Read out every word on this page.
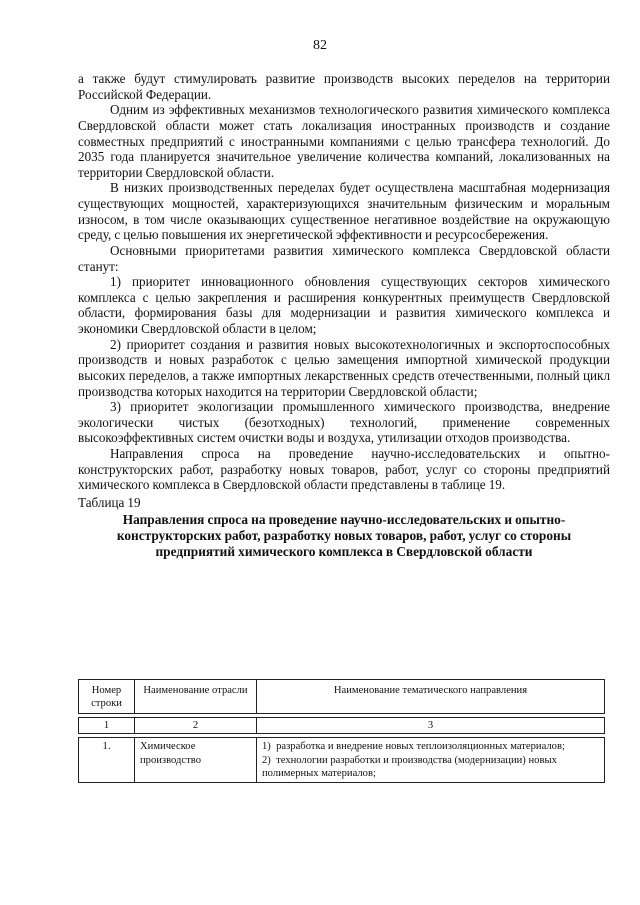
82

а также будут стимулировать развитие производств высоких переделов на территории Российской Федерации.

Одним из эффективных механизмов технологического развития химического комплекса Свердловской области может стать локализация иностранных производств и создание совместных предприятий с иностранными компаниями с целью трансфера технологий. До 2035 года планируется значительное увеличение количества компаний, локализованных на территории Свердловской области.

В низких производственных переделах будет осуществлена масштабная модернизация существующих мощностей, характеризующихся значительным физическим и моральным износом, в том числе оказывающих существенное негативное воздействие на окружающую среду, с целью повышения их энергетической эффективности и ресурсосбережения.

Основными приоритетами развития химического комплекса Свердловской области станут:

1) приоритет инновационного обновления существующих секторов химического комплекса с целью закрепления и расширения конкурентных преимуществ Свердловской области, формирования базы для модернизации и развития химического комплекса и экономики Свердловской области в целом;

2) приоритет создания и развития новых высокотехнологичных и экспортоспособных производств и новых разработок с целью замещения импортной химической продукции высоких переделов, а также импортных лекарственных средств отечественными, полный цикл производства которых находится на территории Свердловской области;

3) приоритет экологизации промышленного химического производства, внедрение экологически чистых (безотходных) технологий, применение современных высокоэффективных систем очистки воды и воздуха, утилизации отходов производства.

Направления спроса на проведение научно-исследовательских и опытно-конструкторских работ, разработку новых товаров, работ, услуг со стороны предприятий химического комплекса в Свердловской области представлены в таблице 19.

Таблица 19

Направления спроса на проведение научно-исследовательских и опытно-конструкторских работ, разработку новых товаров, работ, услуг со стороны предприятий химического комплекса в Свердловской области

Номер строки	Наименование отрасли	Наименование тематического направления

1	2	3

1.	Химическое производство	1)  разработка и внедрение новых теплоизоляционных материалов;
2)  технологии разработки и производства (модернизации) новых полимерных материалов;
